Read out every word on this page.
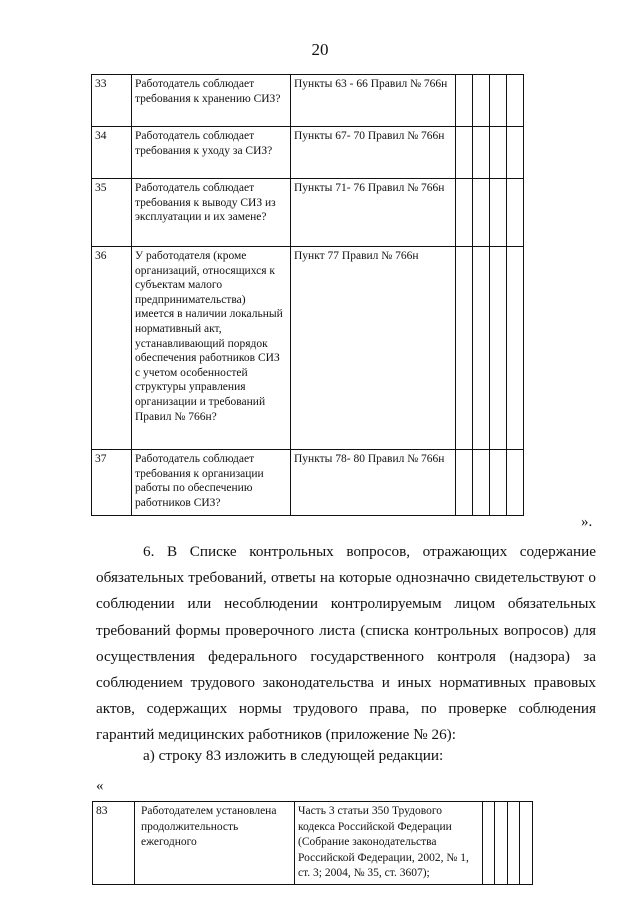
20
33	Работодатель соблюдает требования к хранению СИЗ?	Пункты 63 - 66 Правил № 766н				
34	Работодатель соблюдает требования к уходу за СИЗ?	Пункты 67- 70 Правил № 766н				
35	Работодатель соблюдает требования к выводу СИЗ из эксплуатации и их замене?	Пункты 71- 76 Правил № 766н				
36	У работодателя (кроме организаций, относящихся к субъектам малого предпринимательства) имеется в наличии локальный нормативный акт, устанавливающий порядок обеспечения работников СИЗ с учетом особенностей структуры управления организации и требований Правил № 766н?	Пункт 77 Правил № 766н				
37	Работодатель соблюдает требования к организации работы по обеспечению работников СИЗ?	Пункты 78- 80 Правил № 766н				
».
6. В Списке контрольных вопросов, отражающих содержание обязательных требований, ответы на которые однозначно свидетельствуют о соблюдении или несоблюдении контролируемым лицом обязательных требований формы проверочного листа (списка контрольных вопросов) для осуществления федерального государственного контроля (надзора) за соблюдением трудового законодательства и иных нормативных правовых актов, содержащих нормы трудового права, по проверке соблюдения гарантий медицинских работников (приложение № 26):
а) строку 83 изложить в следующей редакции:
«
83	Работодателем установлена продолжительность ежегодного	Часть 3 статьи 350 Трудового кодекса Российской Федерации (Собрание законодательства Российской Федерации, 2002, № 1, ст. 3; 2004, № 35, ст. 3607);				
